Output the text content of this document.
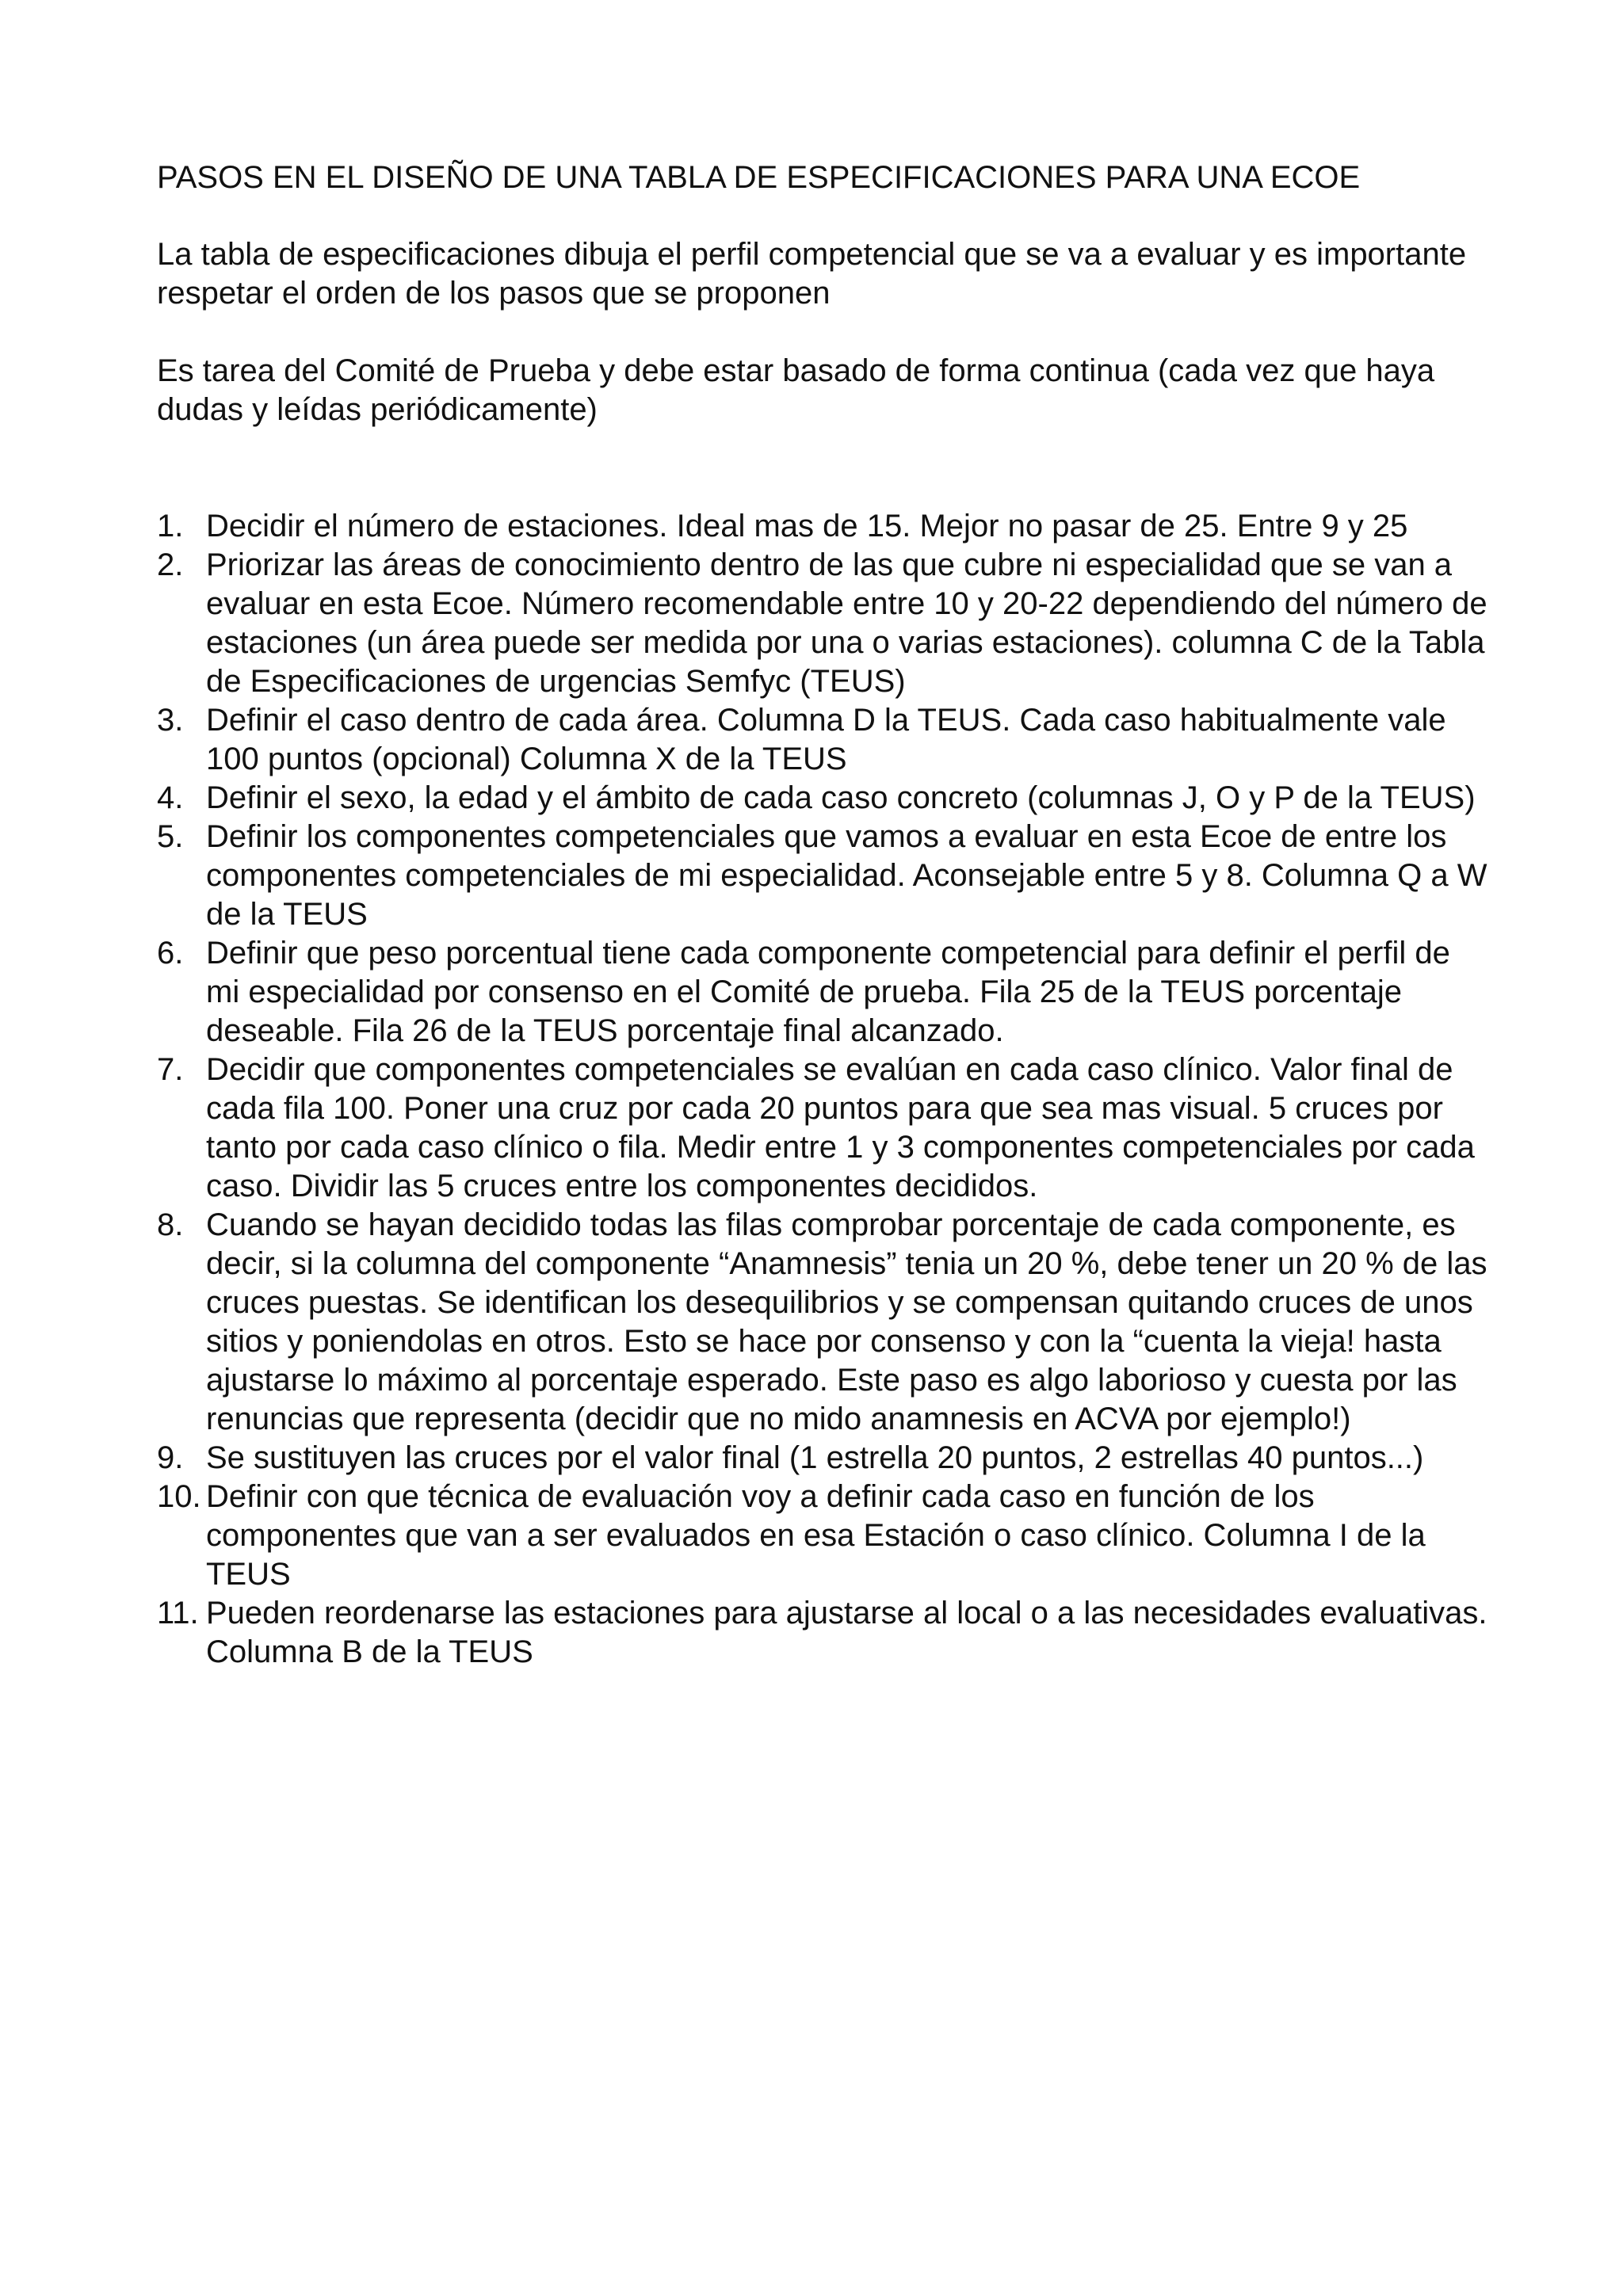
PASOS EN EL DISEÑO DE UNA TABLA DE ESPECIFICACIONES PARA UNA ECOE

La tabla de especificaciones dibuja el perfil competencial que se va a evaluar y es importante respetar el orden de los pasos que se proponen

Es tarea del Comité de Prueba y debe estar basado de forma continua (cada vez que haya dudas y leídas periódicamente)

1. Decidir el número de estaciones. Ideal mas de 15. Mejor no pasar de 25. Entre 9 y 25
2. Priorizar las áreas de conocimiento dentro de las que cubre ni especialidad que se van a evaluar en esta Ecoe. Número recomendable entre 10 y 20-22 dependiendo del número de estaciones (un área puede ser medida por una o varias estaciones). columna C de la Tabla de Especificaciones de urgencias Semfyc (TEUS)
3. Definir el caso dentro de cada área. Columna D la TEUS. Cada caso habitualmente vale 100 puntos (opcional) Columna X de la TEUS
4. Definir el sexo, la edad y el ámbito de cada caso concreto (columnas J, O y P de la TEUS)
5. Definir los componentes competenciales que vamos a evaluar en esta Ecoe de entre los componentes competenciales de mi especialidad. Aconsejable entre 5 y 8. Columna Q a W de la TEUS
6. Definir que peso porcentual tiene cada componente competencial para definir el perfil de mi especialidad por consenso en el Comité de prueba. Fila 25 de la TEUS porcentaje deseable. Fila 26 de la TEUS porcentaje final alcanzado.
7. Decidir que componentes competenciales se evalúan en cada caso clínico. Valor final de cada fila 100. Poner una cruz por cada 20 puntos para que sea mas visual. 5 cruces por tanto por cada caso clínico o fila. Medir entre 1 y 3 componentes competenciales por cada caso. Dividir las 5 cruces entre los componentes decididos.
8. Cuando se hayan decidido todas las filas comprobar porcentaje de cada componente, es decir, si la columna del componente “Anamnesis” tenia un 20 %, debe tener un 20 % de las cruces puestas. Se identifican los desequilibrios y se compensan quitando cruces de unos sitios y poniendolas en otros. Esto se hace por consenso y con la “cuenta la vieja! hasta ajustarse lo máximo al porcentaje esperado. Este paso es algo laborioso y cuesta por las renuncias que representa (decidir que no mido anamnesis en ACVA por ejemplo!)
9. Se sustituyen las cruces por el valor final (1 estrella 20 puntos, 2 estrellas 40 puntos...)
10. Definir con que técnica de evaluación voy a definir cada caso en función de los componentes que van a ser evaluados en esa Estación o caso clínico. Columna I de la TEUS
11. Pueden reordenarse las estaciones para ajustarse al local o a las necesidades evaluativas. Columna B de la TEUS
